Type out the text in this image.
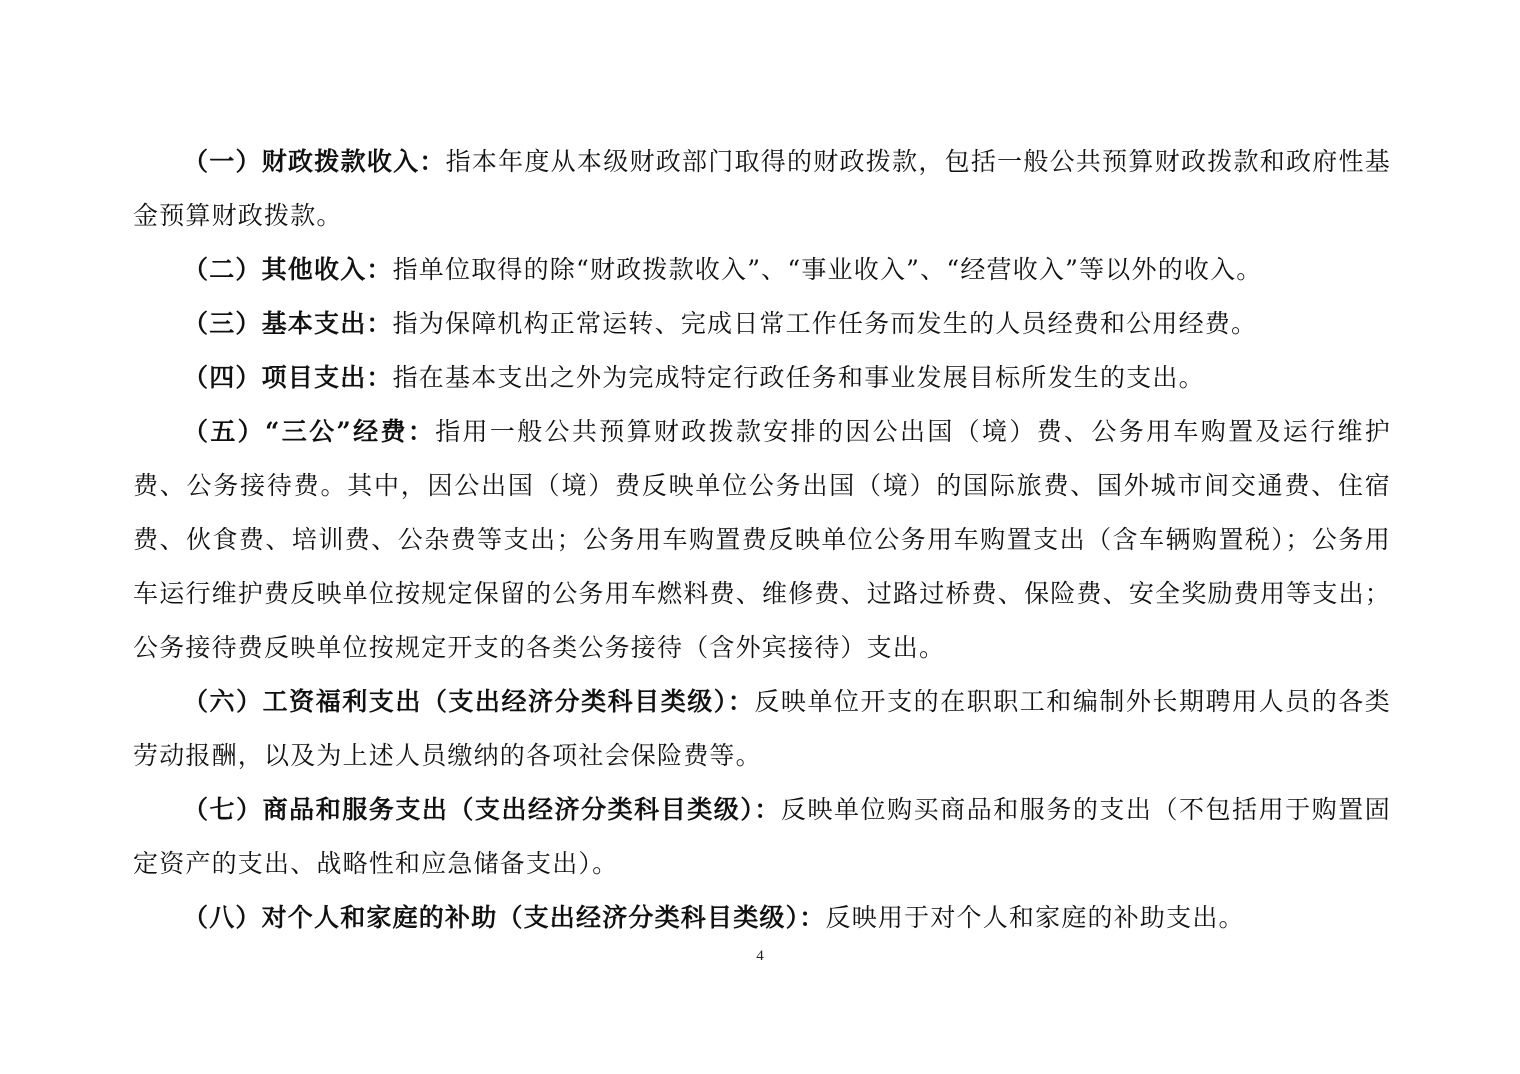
（一）财政拨款收入：指本年度从本级财政部门取得的财政拨款，包括一般公共预算财政拨款和政府性基金预算财政拨款。

（二）其他收入：指单位取得的除“财政拨款收入”、“事业收入”、“经营收入”等以外的收入。

（三）基本支出：指为保障机构正常运转、完成日常工作任务而发生的人员经费和公用经费。

（四）项目支出：指在基本支出之外为完成特定行政任务和事业发展目标所发生的支出。

（五）“三公”经费：指用一般公共预算财政拨款安排的因公出国（境）费、公务用车购置及运行维护费、公务接待费。其中，因公出国（境）费反映单位公务出国（境）的国际旅费、国外城市间交通费、住宿费、伙食费、培训费、公杂费等支出；公务用车购置费反映单位公务用车购置支出（含车辆购置税）；公务用车运行维护费反映单位按规定保留的公务用车燃料费、维修费、过路过桥费、保险费、安全奖励费用等支出；公务接待费反映单位按规定开支的各类公务接待（含外宾接待）支出。

（六）工资福利支出（支出经济分类科目类级）：反映单位开支的在职职工和编制外长期聘用人员的各类劳动报酬，以及为上述人员缴纳的各项社会保险费等。

（七）商品和服务支出（支出经济分类科目类级）：反映单位购买商品和服务的支出（不包括用于购置固定资产的支出、战略性和应急储备支出）。

（八）对个人和家庭的补助（支出经济分类科目类级）：反映用于对个人和家庭的补助支出。

4
